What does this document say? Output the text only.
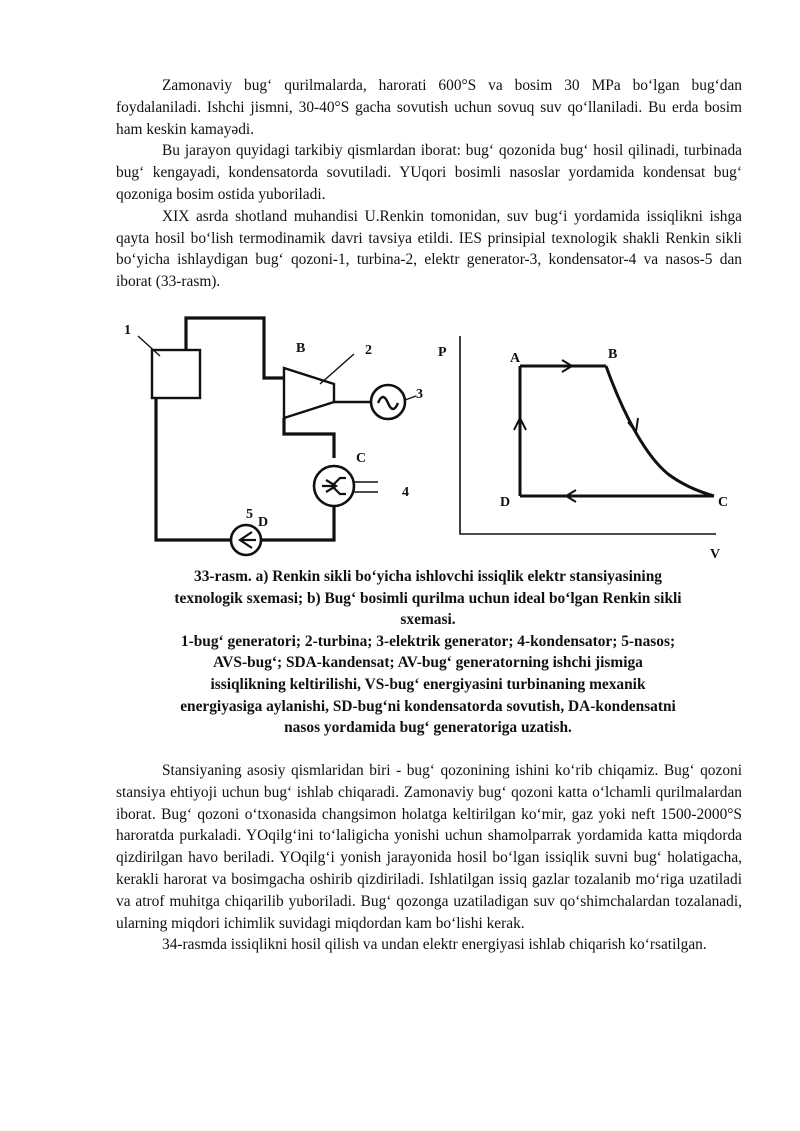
Zamonaviy bug‘ qurilmalarda, harorati 600°S va bosim 30 MPa bo‘lgan bug‘dan foydalaniladi. Ishchi jismni, 30-40°S gacha sovutish uchun sovuq suv qo‘llaniladi. Bu erda bosim ham keskin kamayədi.

Bu jarayon quyidagi tarkibiy qismlardan iborat: bug‘ qozonida bug‘ hosil qilinadi, turbinada bug‘ kengayadi, kondensatorda sovutiladi. YUqori bosimli nasoslar yordamida kondensat bug‘ qozoniga bosim ostida yuboriladi.

XIX asrda shotland muhandisi U.Renkin tomonidan, suv bug‘i yordamida issiqlikni ishga qayta hosil bo‘lish termodinamik davri tavsiya etildi. IES prinsipial texnologik shakli Renkin sikli bo‘yicha ishlaydigan bug‘ qozoni-1, turbina-2, elektr generator-3, kondensator-4 va nasos-5 dan iborat (33-rasm).

1
B	2
3
C
4
5
D
P
V
A	B
C
D
33-rasm. a) Renkin sikli bo‘yicha ishlovchi issiqlik elektr stansiyasining
texnologik sxemasi; b) Bug‘ bosimli qurilma uchun ideal bo‘lgan Renkin sikli
sxemasi.
1-bug‘ generatori; 2-turbina; 3-elektrik generator; 4-kondensator; 5-nasos;
AVS-bug‘; SDA-kandensat; AV-bug‘ generatorning ishchi jismiga
issiqlikning keltirilishi, VS-bug‘ energiyasini turbinaning mexanik
energiyasiga aylanishi, SD-bug‘ni kondensatorda sovutish, DA-kondensatni
nasos yordamida bug‘ generatoriga uzatish.

Stansiyaning asosiy qismlaridan biri - bug‘ qozonining ishini ko‘rib chiqamiz. Bug‘ qozoni stansiya ehtiyoji uchun bug‘ ishlab chiqaradi. Zamonaviy bug‘ qozoni katta o‘lchamli qurilmalardan iborat. Bug‘ qozoni o‘txonasida changsimon holatga keltirilgan ko‘mir, gaz yoki neft 1500-2000°S haroratda purkaladi. YOqilg‘ini to‘laligicha yonishi uchun shamolparrak yordamida katta miqdorda qizdirilgan havo beriladi. YOqilg‘i yonish jarayonida hosil bo‘lgan issiqlik suvni bug‘ holatigacha, kerakli harorat va bosimgacha oshirib qizdiriladi. Ishlatilgan issiq gazlar tozalanib mo‘riga uzatiladi va atrof muhitga chiqarilib yuboriladi. Bug‘ qozonga uzatiladigan suv qo‘shimchalardan tozalanadi, ularning miqdori ichimlik suvidagi miqdordan kam bo‘lishi kerak.

34-rasmda issiqlikni hosil qilish va undan elektr energiyasi ishlab chiqarish ko‘rsatilgan.
